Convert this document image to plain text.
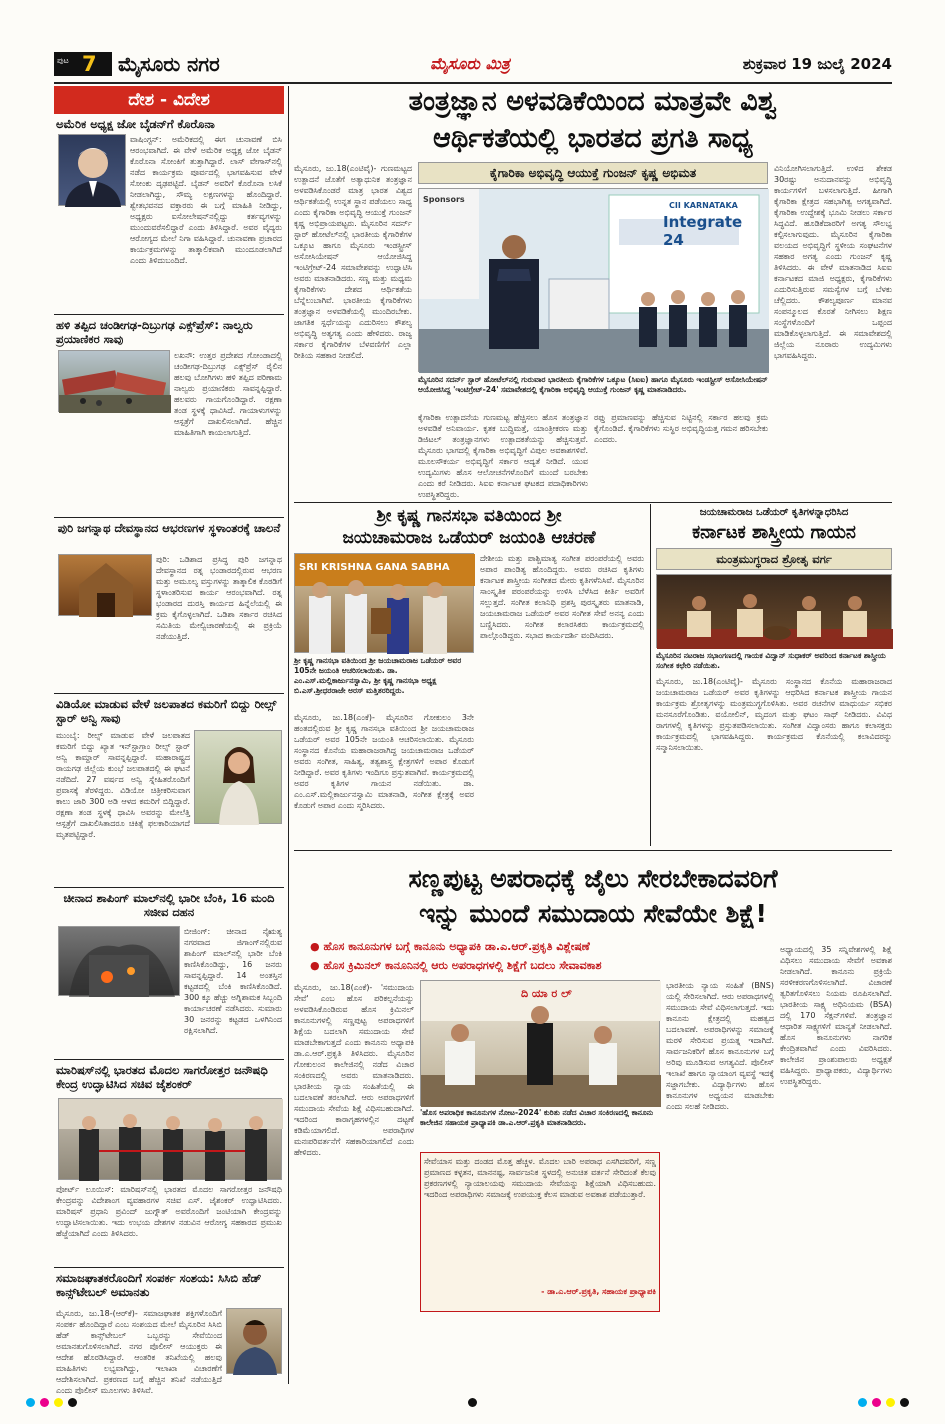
ಪುಟ 7 ಮೈಸೂರು ನಗರ	ಮೈಸೂರು ಮಿತ್ರ	ಶುಕ್ರವಾರ 19 ಜುಲೈ 2024
ದೇಶ - ವಿದೇಶ
ಅಮೆರಿಕ ಅಧ್ಯಕ್ಷ ಜೋ ಬೈಡನ್‌ಗೆ ಕೊರೊನಾ
ವಾಷಿಂಗ್ಟನ್: ಅಮೆರಿಕದಲ್ಲಿ ಈಗ ಚುನಾವಣೆ ಬಿಸಿ ಆರಂಭವಾಗಿದೆ. ಈ ವೇಳೆ ಅಮೆರಿಕ ಅಧ್ಯಕ್ಷ ಜೋ ಬೈಡನ್ ಕೊರೊನಾ ಸೋಂಕಿಗೆ ತುತ್ತಾಗಿದ್ದಾರೆ. ಲಾಸ್ ವೇಗಾಸ್‌ನಲ್ಲಿ ನಡೆದ ಕಾರ್ಯಕ್ರಮ ಪೂರ್ವದಲ್ಲಿ ಭಾಗವಹಿಸುವ ವೇಳೆ ಸೋಂಕು ದೃಢಪಟ್ಟಿದೆ. ಬೈಡನ್ ಅವರಿಗೆ ಕೊರೊನಾ ಲಸಿಕೆ ನೀಡಲಾಗಿದ್ದು, ಸೌಮ್ಯ ಲಕ್ಷಣಗಳನ್ನು ಹೊಂದಿದ್ದಾರೆ. ಶ್ವೇತಭವನದ ವಕ್ತಾರರು ಈ ಬಗ್ಗೆ ಮಾಹಿತಿ ನೀಡಿದ್ದು, ಅಧ್ಯಕ್ಷರು ಐಸೋಲೇಷನ್‌ನಲ್ಲಿದ್ದು ಕರ್ತವ್ಯಗಳನ್ನು ಮುಂದುವರೆಸಲಿದ್ದಾರೆ ಎಂದು ತಿಳಿಸಿದ್ದಾರೆ. ಅವರ ವೈದ್ಯರು ಆರೋಗ್ಯದ ಮೇಲೆ ನಿಗಾ ವಹಿಸಿದ್ದಾರೆ. ಚುನಾವಣಾ ಪ್ರಚಾರದ ಕಾರ್ಯಕ್ರಮಗಳನ್ನು ತಾತ್ಕಾಲಿಕವಾಗಿ ಮುಂದೂಡಲಾಗಿದೆ ಎಂದು ತಿಳಿದುಬಂದಿದೆ.
ಹಳಿ ತಪ್ಪಿದ ಚಂಡೀಗಢ-ದಿಬ್ರುಗಢ ಎಕ್ಸ್‌ಪ್ರೆಸ್: ನಾಲ್ವರು ಪ್ರಯಾಣಿಕರ ಸಾವು
ಲಖನೌ: ಉತ್ತರ ಪ್ರದೇಶದ ಗೋಂಡಾದಲ್ಲಿ ಚಂಡೀಗಢ-ದಿಬ್ರುಗಢ ಎಕ್ಸ್‌ಪ್ರೆಸ್ ರೈಲಿನ ಹಲವು ಬೋಗಿಗಳು ಹಳಿ ತಪ್ಪಿದ ಪರಿಣಾಮ ನಾಲ್ವರು ಪ್ರಯಾಣಿಕರು ಸಾವನ್ನಪ್ಪಿದ್ದಾರೆ. ಹಲವರು ಗಾಯಗೊಂಡಿದ್ದಾರೆ. ರಕ್ಷಣಾ ತಂಡ ಸ್ಥಳಕ್ಕೆ ಧಾವಿಸಿದೆ. ಗಾಯಾಳುಗಳನ್ನು ಆಸ್ಪತ್ರೆಗೆ ದಾಖಲಿಸಲಾಗಿದೆ. ಹೆಚ್ಚಿನ ಮಾಹಿತಿಗಾಗಿ ಕಾಯಲಾಗುತ್ತಿದೆ.
ಪುರಿ ಜಗನ್ನಾಥ ದೇವಸ್ಥಾನದ ಆಭರಣಗಳ ಸ್ಥಳಾಂತರಕ್ಕೆ ಚಾಲನೆ
ಪುರಿ: ಒಡಿಶಾದ ಪ್ರಸಿದ್ಧ ಪುರಿ ಜಗನ್ನಾಥ ದೇವಸ್ಥಾನದ ರತ್ನ ಭಂಡಾರದಲ್ಲಿರುವ ಆಭರಣ ಮತ್ತು ಅಮೂಲ್ಯ ವಸ್ತುಗಳನ್ನು ತಾತ್ಕಾಲಿಕ ಕೊಠಡಿಗೆ ಸ್ಥಳಾಂತರಿಸುವ ಕಾರ್ಯ ಆರಂಭವಾಗಿದೆ. ರತ್ನ ಭಂಡಾರದ ದುರಸ್ತಿ ಕಾರ್ಯದ ಹಿನ್ನೆಲೆಯಲ್ಲಿ ಈ ಕ್ರಮ ಕೈಗೊಳ್ಳಲಾಗಿದೆ. ಒಡಿಶಾ ಸರ್ಕಾರ ರಚಿಸಿದ ಸಮಿತಿಯ ಮೇಲ್ವಿಚಾರಣೆಯಲ್ಲಿ ಈ ಪ್ರಕ್ರಿಯೆ ನಡೆಯುತ್ತಿದೆ.
ವಿಡಿಯೋ ಮಾಡುವ ವೇಳೆ ಜಲಪಾತದ ಕಮರಿಗೆ ಬಿದ್ದು ರೀಲ್ಸ್ ಸ್ಟಾರ್ ಅನ್ವಿ ಸಾವು
ಮುಂಬೈ: ರೀಲ್ಸ್ ಮಾಡುವ ವೇಳೆ ಜಲಪಾತದ ಕಮರಿಗೆ ಬಿದ್ದು ಖ್ಯಾತ ಇನ್‌ಸ್ಟಾಗ್ರಾಂ ರೀಲ್ಸ್ ಸ್ಟಾರ್ ಅನ್ವಿ ಕಾಮ್ದಾರ್ ಸಾವನ್ನಪ್ಪಿದ್ದಾರೆ. ಮಹಾರಾಷ್ಟ್ರದ ರಾಯಗಢ ಜಿಲ್ಲೆಯ ಕುಂಭೆ ಜಲಪಾತದಲ್ಲಿ ಈ ಘಟನೆ ನಡೆದಿದೆ. 27 ವರ್ಷದ ಅನ್ವಿ ಸ್ನೇಹಿತರೊಂದಿಗೆ ಪ್ರವಾಸಕ್ಕೆ ತೆರಳಿದ್ದರು. ವಿಡಿಯೋ ಚಿತ್ರೀಕರಿಸುವಾಗ ಕಾಲು ಜಾರಿ 300 ಅಡಿ ಆಳದ ಕಮರಿಗೆ ಬಿದ್ದಿದ್ದಾರೆ. ರಕ್ಷಣಾ ತಂಡ ಸ್ಥಳಕ್ಕೆ ಧಾವಿಸಿ ಅವರನ್ನು ಮೇಲೆತ್ತಿ ಆಸ್ಪತ್ರೆಗೆ ದಾಖಲಿಸಿತಾದರೂ ಚಿಕಿತ್ಸೆ ಫಲಕಾರಿಯಾಗದೆ ಮೃತಪಟ್ಟಿದ್ದಾರೆ.
ಚೀನಾದ ಶಾಪಿಂಗ್ ಮಾಲ್‌ನಲ್ಲಿ ಭಾರೀ ಬೆಂಕಿ, 16 ಮಂದಿ ಸಜೀವ ದಹನ
ಬೀಜಿಂಗ್: ಚೀನಾದ ನೈಋತ್ಯ ನಗರವಾದ ಜಿಗಾಂಗ್‌ನಲ್ಲಿರುವ ಶಾಪಿಂಗ್ ಮಾಲ್‌ನಲ್ಲಿ ಭಾರೀ ಬೆಂಕಿ ಕಾಣಿಸಿಕೊಂಡಿದ್ದು, 16 ಜನರು ಸಾವನ್ನಪ್ಪಿದ್ದಾರೆ. 14 ಅಂತಸ್ತಿನ ಕಟ್ಟಡದಲ್ಲಿ ಬೆಂಕಿ ಕಾಣಿಸಿಕೊಂಡಿದೆ. 300 ಕ್ಕೂ ಹೆಚ್ಚು ಅಗ್ನಿಶಾಮಕ ಸಿಬ್ಬಂದಿ ಕಾರ್ಯಾಚರಣೆ ನಡೆಸಿದರು. ಸುಮಾರು 30 ಜನರನ್ನು ಕಟ್ಟಡದ ಒಳಗಿನಿಂದ ರಕ್ಷಿಸಲಾಗಿದೆ.
ಮಾರಿಷಸ್‌ನಲ್ಲಿ ಭಾರತದ ಮೊದಲ ಸಾಗರೋತ್ತರ ಜನೌಷಧಿ ಕೇಂದ್ರ ಉದ್ಘಾಟಿಸಿದ ಸಚಿವ ಜೈಶಂಕರ್
ಪೋರ್ಟ್ ಲೂಯಿಸ್: ಮಾರಿಷಸ್‌ನಲ್ಲಿ ಭಾರತದ ಮೊದಲ ಸಾಗರೋತ್ತರ ಜನೌಷಧಿ ಕೇಂದ್ರವನ್ನು ವಿದೇಶಾಂಗ ವ್ಯವಹಾರಗಳ ಸಚಿವ ಎಸ್. ಜೈಶಂಕರ್ ಉದ್ಘಾಟಿಸಿದರು. ಮಾರಿಷಸ್ ಪ್ರಧಾನಿ ಪ್ರವಿಂದ್ ಜುಗ್ನೌತ್ ಅವರೊಂದಿಗೆ ಜಂಟಿಯಾಗಿ ಕೇಂದ್ರವನ್ನು ಉದ್ಘಾಟಿಸಲಾಯಿತು. ಇದು ಉಭಯ ದೇಶಗಳ ನಡುವಿನ ಆರೋಗ್ಯ ಸಹಕಾರದ ಪ್ರಮುಖ ಹೆಜ್ಜೆಯಾಗಿದೆ ಎಂದು ತಿಳಿಸಿದರು.
ಸಮಾಜಘಾತಕರೊಂದಿಗೆ ಸಂಪರ್ಕ ಸಂಶಯ: ಸಿಸಿಬಿ ಹೆಡ್ ಕಾನ್ಸ್‌ಟೇಬಲ್ ಅಮಾನತು
ಮೈಸೂರು, ಜು.18-(ಆರ್‌ಕೆ)- ಸಮಾಜಘಾತಕ ಶಕ್ತಿಗಳೊಂದಿಗೆ ಸಂಪರ್ಕ ಹೊಂದಿದ್ದಾರೆ ಎಂಬ ಸಂಶಯದ ಮೇಲೆ ಮೈಸೂರಿನ ಸಿಸಿಬಿ ಹೆಡ್ ಕಾನ್ಸ್‌ಟೇಬಲ್ ಒಬ್ಬರನ್ನು ಸೇವೆಯಿಂದ ಅಮಾನತುಗೊಳಿಸಲಾಗಿದೆ. ನಗರ ಪೊಲೀಸ್ ಆಯುಕ್ತರು ಈ ಆದೇಶ ಹೊರಡಿಸಿದ್ದಾರೆ. ಆಂತರಿಕ ತನಿಖೆಯಲ್ಲಿ ಹಲವು ಮಾಹಿತಿಗಳು ಲಭ್ಯವಾಗಿದ್ದು, ಇಲಾಖಾ ವಿಚಾರಣೆಗೆ ಆದೇಶಿಸಲಾಗಿದೆ. ಪ್ರಕರಣದ ಬಗ್ಗೆ ಹೆಚ್ಚಿನ ತನಿಖೆ ನಡೆಯುತ್ತಿದೆ ಎಂದು ಪೊಲೀಸ್ ಮೂಲಗಳು ತಿಳಿಸಿವೆ.
ತಂತ್ರಜ್ಞಾನ ಅಳವಡಿಕೆಯಿಂದ ಮಾತ್ರವೇ ವಿಶ್ವ
ಆರ್ಥಿಕತೆಯಲ್ಲಿ ಭಾರತದ ಪ್ರಗತಿ ಸಾಧ್ಯ
ಮೈಸೂರು, ಜು.18(ಎಂಟಿವೈ)- ಗುಣಮಟ್ಟದ ಉತ್ಪಾದನೆ ಜೊತೆಗೆ ಅತ್ಯಾಧುನಿಕ ತಂತ್ರಜ್ಞಾನ ಅಳವಡಿಸಿಕೊಂಡರೆ ಮಾತ್ರ ಭಾರತ ವಿಶ್ವದ ಆರ್ಥಿಕತೆಯಲ್ಲಿ ಉನ್ನತ ಸ್ಥಾನ ಪಡೆಯಲು ಸಾಧ್ಯ ಎಂದು ಕೈಗಾರಿಕಾ ಅಭಿವೃದ್ಧಿ ಆಯುಕ್ತೆ ಗುಂಜನ್ ಕೃಷ್ಣ ಅಭಿಪ್ರಾಯಪಟ್ಟರು. ಮೈಸೂರಿನ ಸದರ್ನ್ ಸ್ಟಾರ್ ಹೋಟೆಲ್‌ನಲ್ಲಿ ಭಾರತೀಯ ಕೈಗಾರಿಕೆಗಳ ಒಕ್ಕೂಟ ಹಾಗೂ ಮೈಸೂರು ಇಂಡಸ್ಟ್ರೀಸ್ ಅಸೋಸಿಯೇಷನ್ ಆಯೋಜಿಸಿದ್ದ ಇಂಟಿಗ್ರೇಟ್-24 ಸಮಾವೇಶವನ್ನು ಉದ್ಘಾಟಿಸಿ ಅವರು ಮಾತನಾಡಿದರು. ಸಣ್ಣ ಮತ್ತು ಮಧ್ಯಮ ಕೈಗಾರಿಕೆಗಳು ದೇಶದ ಆರ್ಥಿಕತೆಯ ಬೆನ್ನೆಲುಬಾಗಿವೆ. ಭಾರತೀಯ ಕೈಗಾರಿಕೆಗಳು ತಂತ್ರಜ್ಞಾನ ಅಳವಡಿಕೆಯಲ್ಲಿ ಮುಂದಿರಬೇಕು. ಜಾಗತಿಕ ಸ್ಪರ್ಧೆಯನ್ನು ಎದುರಿಸಲು ಕೌಶಲ್ಯ ಅಭಿವೃದ್ಧಿ ಅತ್ಯಗತ್ಯ ಎಂದು ಹೇಳಿದರು. ರಾಜ್ಯ ಸರ್ಕಾರ ಕೈಗಾರಿಕೆಗಳ ಬೆಳವಣಿಗೆಗೆ ಎಲ್ಲಾ ರೀತಿಯ ಸಹಕಾರ ನೀಡಲಿದೆ.
ಕೈಗಾರಿಕಾ ಅಭಿವೃದ್ಧಿ ಆಯುಕ್ತೆ ಗುಂಜನ್ ಕೃಷ್ಣ ಅಭಿಮತ
Sponsors
CII KARNATAKA
Integrate 24
ಮೈಸೂರಿನ ಸದರ್ನ್ ಸ್ಟಾರ್ ಹೋಟೆಲ್‌ನಲ್ಲಿ ಗುರುವಾರ ಭಾರತೀಯ ಕೈಗಾರಿಕೆಗಳ ಒಕ್ಕೂಟ (ಸಿಐಐ) ಹಾಗೂ ಮೈಸೂರು ಇಂಡಸ್ಟ್ರೀಸ್ ಅಸೋಸಿಯೇಷನ್ ಆಯೋಜಿಸಿದ್ದ 'ಇಂಟಿಗ್ರೇಟ್-24' ಸಮಾವೇಶದಲ್ಲಿ ಕೈಗಾರಿಕಾ ಅಭಿವೃದ್ಧಿ ಆಯುಕ್ತೆ ಗುಂಜನ್ ಕೃಷ್ಣ ಮಾತನಾಡಿದರು.
ಕೈಗಾರಿಕಾ ಉತ್ಪಾದನೆಯ ಗುಣಮಟ್ಟ ಹೆಚ್ಚಿಸಲು ಹೊಸ ತಂತ್ರಜ್ಞಾನ ಅಳವಡಿಕೆ ಅನಿವಾರ್ಯ. ಕೃತಕ ಬುದ್ಧಿಮತ್ತೆ, ಯಾಂತ್ರೀಕರಣ ಮತ್ತು ಡಿಜಿಟಲ್ ತಂತ್ರಜ್ಞಾನಗಳು ಉತ್ಪಾದಕತೆಯನ್ನು ಹೆಚ್ಚಿಸುತ್ತವೆ. ಮೈಸೂರು ಭಾಗದಲ್ಲಿ ಕೈಗಾರಿಕಾ ಅಭಿವೃದ್ಧಿಗೆ ವಿಪುಲ ಅವಕಾಶಗಳಿವೆ. ಮೂಲಸೌಕರ್ಯ ಅಭಿವೃದ್ಧಿಗೆ ಸರ್ಕಾರ ಆದ್ಯತೆ ನೀಡಿದೆ. ಯುವ ಉದ್ಯಮಿಗಳು ಹೊಸ ಆಲೋಚನೆಗಳೊಂದಿಗೆ ಮುಂದೆ ಬರಬೇಕು ಎಂದು ಕರೆ ನೀಡಿದರು. ಸಿಐಐ ಕರ್ನಾಟಕ ಘಟಕದ ಪದಾಧಿಕಾರಿಗಳು ಉಪಸ್ಥಿತರಿದ್ದರು.
ರಫ್ತು ಪ್ರಮಾಣವನ್ನು ಹೆಚ್ಚಿಸುವ ನಿಟ್ಟಿನಲ್ಲಿ ಸರ್ಕಾರ ಹಲವು ಕ್ರಮ ಕೈಗೊಂಡಿದೆ. ಕೈಗಾರಿಕೆಗಳು ಸುಸ್ಥಿರ ಅಭಿವೃದ್ಧಿಯತ್ತ ಗಮನ ಹರಿಸಬೇಕು ಎಂದರು.
ವಿನಿಯೋಗಿಸಲಾಗುತ್ತಿದೆ. ಉಳಿದ ಶೇಕಡ 30ರಷ್ಟು ಅನುದಾನವನ್ನು ಅಭಿವೃದ್ಧಿ ಕಾರ್ಯಗಳಿಗೆ ಬಳಸಲಾಗುತ್ತಿದೆ. ಹೀಗಾಗಿ ಕೈಗಾರಿಕಾ ಕ್ಷೇತ್ರದ ಸಹಭಾಗಿತ್ವ ಅಗತ್ಯವಾಗಿದೆ. ಕೈಗಾರಿಕಾ ಉದ್ದೇಶಕ್ಕೆ ಭೂಮಿ ನೀಡಲು ಸರ್ಕಾರ ಸಿದ್ಧವಿದೆ. ಹೂಡಿಕೆದಾರರಿಗೆ ಅಗತ್ಯ ಸೌಲಭ್ಯ ಕಲ್ಪಿಸಲಾಗುವುದು. ಮೈಸೂರಿನ ಕೈಗಾರಿಕಾ ವಲಯದ ಅಭಿವೃದ್ಧಿಗೆ ಸ್ಥಳೀಯ ಸಂಘಟನೆಗಳ ಸಹಕಾರ ಅಗತ್ಯ ಎಂದು ಗುಂಜನ್ ಕೃಷ್ಣ ತಿಳಿಸಿದರು. ಈ ವೇಳೆ ಮಾತನಾಡಿದ ಸಿಐಐ ಕರ್ನಾಟಕದ ಮಾಜಿ ಅಧ್ಯಕ್ಷರು, ಕೈಗಾರಿಕೆಗಳು ಎದುರಿಸುತ್ತಿರುವ ಸಮಸ್ಯೆಗಳ ಬಗ್ಗೆ ಬೆಳಕು ಚೆಲ್ಲಿದರು. ಕೌಶಲ್ಯಪೂರ್ಣ ಮಾನವ ಸಂಪನ್ಮೂಲದ ಕೊರತೆ ನೀಗಿಸಲು ಶಿಕ್ಷಣ ಸಂಸ್ಥೆಗಳೊಂದಿಗೆ ಒಪ್ಪಂದ ಮಾಡಿಕೊಳ್ಳಲಾಗುತ್ತಿದೆ. ಈ ಸಮಾವೇಶದಲ್ಲಿ ಜಿಲ್ಲೆಯ ನೂರಾರು ಉದ್ಯಮಿಗಳು ಭಾಗವಹಿಸಿದ್ದರು.
ಶ್ರೀ ಕೃಷ್ಣ ಗಾನಸಭಾ ವತಿಯಿಂದ ಶ್ರೀ
ಜಯಚಾಮರಾಜ ಒಡೆಯರ್ ಜಯಂತಿ ಆಚರಣೆ
SRI KRISHNA GANA SABHA
ಶ್ರೀ ಕೃಷ್ಣ ಗಾನಸಭಾ ವತಿಯಿಂದ ಶ್ರೀ ಜಯಚಾಮರಾಜ ಒಡೆಯರ್ ಅವರ 105ನೇ ಜಯಂತಿ ಆಚರಿಸಲಾಯಿತು. ಡಾ. ಎಂ.ಎಸ್.ಮಲ್ಲಿಕಾರ್ಜುನಸ್ವಾಮಿ, ಶ್ರೀ ಕೃಷ್ಣ ಗಾನಸಭಾ ಅಧ್ಯಕ್ಷ ಬಿ.ಎಸ್.ಶ್ರೀಧರರಾಜೇ ಅರಸ್ ಮತ್ತಿತರರಿದ್ದರು.
ಮೈಸೂರು, ಜು.18(ಎಂಕೆ)- ಮೈಸೂರಿನ ಗೋಕುಲಂ 3ನೇ ಹಂತದಲ್ಲಿರುವ ಶ್ರೀ ಕೃಷ್ಣ ಗಾನಸಭಾ ವತಿಯಿಂದ ಶ್ರೀ ಜಯಚಾಮರಾಜ ಒಡೆಯರ್ ಅವರ 105ನೇ ಜಯಂತಿ ಆಚರಿಸಲಾಯಿತು. ಮೈಸೂರು ಸಂಸ್ಥಾನದ ಕೊನೆಯ ಮಹಾರಾಜರಾಗಿದ್ದ ಜಯಚಾಮರಾಜ ಒಡೆಯರ್ ಅವರು ಸಂಗೀತ, ಸಾಹಿತ್ಯ, ತತ್ವಶಾಸ್ತ್ರ ಕ್ಷೇತ್ರಗಳಿಗೆ ಅಪಾರ ಕೊಡುಗೆ ನೀಡಿದ್ದಾರೆ. ಅವರ ಕೃತಿಗಳು ಇಂದಿಗೂ ಪ್ರಸ್ತುತವಾಗಿವೆ. ಕಾರ್ಯಕ್ರಮದಲ್ಲಿ ಅವರ ಕೃತಿಗಳ ಗಾಯನ ನಡೆಯಿತು. ಡಾ. ಎಂ.ಎಸ್.ಮಲ್ಲಿಕಾರ್ಜುನಸ್ವಾಮಿ ಮಾತನಾಡಿ, ಸಂಗೀತ ಕ್ಷೇತ್ರಕ್ಕೆ ಅವರ ಕೊಡುಗೆ ಅಪಾರ ಎಂದು ಸ್ಮರಿಸಿದರು.
ದೇಶೀಯ ಮತ್ತು ಪಾಶ್ಚಿಮಾತ್ಯ ಸಂಗೀತ ಪರಂಪರೆಯಲ್ಲಿ ಅವರು ಅಪಾರ ಪಾಂಡಿತ್ಯ ಹೊಂದಿದ್ದರು. ಅವರು ರಚಿಸಿದ ಕೃತಿಗಳು ಕರ್ನಾಟಕ ಶಾಸ್ತ್ರೀಯ ಸಂಗೀತದ ಮೇರು ಕೃತಿಗಳೆನಿಸಿವೆ. ಮೈಸೂರಿನ ಸಾಂಸ್ಕೃತಿಕ ಪರಂಪರೆಯನ್ನು ಉಳಿಸಿ ಬೆಳೆಸಿದ ಕೀರ್ತಿ ಅವರಿಗೆ ಸಲ್ಲುತ್ತದೆ. ಸಂಗೀತ ಕಲಾನಿಧಿ ಪ್ರಶಸ್ತಿ ಪುರಸ್ಕೃತರು ಮಾತನಾಡಿ, ಜಯಚಾಮರಾಜ ಒಡೆಯರ್ ಅವರ ಸಂಗೀತ ಸೇವೆ ಅನನ್ಯ ಎಂದು ಬಣ್ಣಿಸಿದರು. ಸಂಗೀತ ಕಲಾರಸಿಕರು ಕಾರ್ಯಕ್ರಮದಲ್ಲಿ ಪಾಲ್ಗೊಂಡಿದ್ದರು. ಸಭಾದ ಕಾರ್ಯದರ್ಶಿ ವಂದಿಸಿದರು.
ಜಯಚಾಮರಾಜ ಒಡೆಯರ್ ಕೃತಿಗಳನ್ನಾಧರಿಸಿದ
ಕರ್ನಾಟಕ ಶಾಸ್ತ್ರೀಯ ಗಾಯನ
ಮಂತ್ರಮುಗ್ಧರಾದ ಶ್ರೋತೃ ವರ್ಗ
ಮೈಸೂರಿನ ನಟರಾಜ ಸಭಾಂಗಣದಲ್ಲಿ ಗಾಯಕ ವಿದ್ವಾನ್ ಸುಧಾಕರ್ ಅವರಿಂದ ಕರ್ನಾಟಕ ಶಾಸ್ತ್ರೀಯ ಸಂಗೀತ ಕಛೇರಿ ನಡೆಯಿತು.
ಮೈಸೂರು, ಜು.18(ಎಂಟಿವೈ)- ಮೈಸೂರು ಸಂಸ್ಥಾನದ ಕೊನೆಯ ಮಹಾರಾಜರಾದ ಜಯಚಾಮರಾಜ ಒಡೆಯರ್ ಅವರ ಕೃತಿಗಳನ್ನು ಆಧರಿಸಿದ ಕರ್ನಾಟಕ ಶಾಸ್ತ್ರೀಯ ಗಾಯನ ಕಾರ್ಯಕ್ರಮ ಶ್ರೋತೃಗಳನ್ನು ಮಂತ್ರಮುಗ್ಧಗೊಳಿಸಿತು. ಅವರ ರಚನೆಗಳ ಮಾಧುರ್ಯ ಸಭಿಕರ ಮನಸೂರೆಗೊಂಡಿತು. ವಯೋಲಿನ್, ಮೃದಂಗ ಮತ್ತು ಘಟಂ ಸಾಥ್ ನೀಡಿದರು. ವಿವಿಧ ರಾಗಗಳಲ್ಲಿ ಕೃತಿಗಳನ್ನು ಪ್ರಸ್ತುತಪಡಿಸಲಾಯಿತು. ಸಂಗೀತ ವಿದ್ವಾಂಸರು ಹಾಗೂ ಕಲಾಸಕ್ತರು ಕಾರ್ಯಕ್ರಮದಲ್ಲಿ ಭಾಗವಹಿಸಿದ್ದರು. ಕಾರ್ಯಕ್ರಮದ ಕೊನೆಯಲ್ಲಿ ಕಲಾವಿದರನ್ನು ಸನ್ಮಾನಿಸಲಾಯಿತು.
ಸಣ್ಣಪುಟ್ಟ ಅಪರಾಧಕ್ಕೆ ಜೈಲು ಸೇರಬೇಕಾದವರಿಗೆ
ಇನ್ನು ಮುಂದೆ ಸಮುದಾಯ ಸೇವೆಯೇ ಶಿಕ್ಷೆ!
● ಹೊಸ ಕಾನೂನುಗಳ ಬಗ್ಗೆ ಕಾನೂನು ಅಧ್ಯಾಪಕಿ ಡಾ.ಎ.ಆರ್.ಪ್ರಕೃತಿ ವಿಶ್ಲೇಷಣೆ
● ಹೊಸ ಕ್ರಿಮಿನಲ್ ಕಾನೂನಿನಲ್ಲಿ ಆರು ಅಪರಾಧಗಳಲ್ಲಿ ಶಿಕ್ಷೆಗೆ ಬದಲು ಸೇವಾವಕಾಶ
ಮೈಸೂರು, ಜು.18(ಎಂಕೆ)- 'ಸಮುದಾಯ ಸೇವೆ' ಎಂಬ ಹೊಸ ಪರಿಕಲ್ಪನೆಯನ್ನು ಅಳವಡಿಸಿಕೊಂಡಿರುವ ಹೊಸ ಕ್ರಿಮಿನಲ್ ಕಾನೂನುಗಳಲ್ಲಿ ಸಣ್ಣಪುಟ್ಟ ಅಪರಾಧಗಳಿಗೆ ಶಿಕ್ಷೆಯ ಬದಲಾಗಿ ಸಮುದಾಯ ಸೇವೆ ಮಾಡಬೇಕಾಗುತ್ತದೆ ಎಂದು ಕಾನೂನು ಅಧ್ಯಾಪಕಿ ಡಾ.ಎ.ಆರ್.ಪ್ರಕೃತಿ ತಿಳಿಸಿದರು. ಮೈಸೂರಿನ ಗೋಕುಲಂನ ಕಾಲೇಜಿನಲ್ಲಿ ನಡೆದ ವಿಚಾರ ಸಂಕಿರಣದಲ್ಲಿ ಅವರು ಮಾತನಾಡಿದರು. ಭಾರತೀಯ ನ್ಯಾಯ ಸಂಹಿತೆಯಲ್ಲಿ ಈ ಬದಲಾವಣೆ ತರಲಾಗಿದೆ. ಆರು ಅಪರಾಧಗಳಿಗೆ ಸಮುದಾಯ ಸೇವೆಯ ಶಿಕ್ಷೆ ವಿಧಿಸಬಹುದಾಗಿದೆ. ಇದರಿಂದ ಕಾರಾಗೃಹಗಳಲ್ಲಿನ ದಟ್ಟಣೆ ಕಡಿಮೆಯಾಗಲಿದೆ. ಅಪರಾಧಿಗಳ ಮನಃಪರಿವರ್ತನೆಗೆ ಸಹಕಾರಿಯಾಗಲಿದೆ ಎಂದು ಹೇಳಿದರು.
ದಿ ಯಾ ರ ಲ್
'ಹೊಸ ಅಪರಾಧಿಕ ಕಾನೂನುಗಳ ನೋಟ-2024' ಕುರಿತು ನಡೆದ ವಿಚಾರ ಸಂಕಿರಣದಲ್ಲಿ ಕಾನೂನು ಕಾಲೇಜಿನ ಸಹಾಯಕ ಪ್ರಾಧ್ಯಾಪಕಿ ಡಾ.ಎ.ಆರ್.ಪ್ರಕೃತಿ ಮಾತನಾಡಿದರು.
ಸೇವೆಯಾಸ ಮತ್ತು ದಂಡದ ಮೊತ್ತ ಹೆಚ್ಚಳ. ಮೊದಲ ಬಾರಿ ಅಪರಾಧ ಎಸಗಿದವರಿಗೆ, ಸಣ್ಣ ಪ್ರಮಾಣದ ಕಳ್ಳತನ, ಮಾನನಷ್ಟ, ಸಾರ್ವಜನಿಕ ಸ್ಥಳದಲ್ಲಿ ಅನುಚಿತ ವರ್ತನೆ ಸೇರಿದಂತೆ ಕೆಲವು ಪ್ರಕರಣಗಳಲ್ಲಿ ನ್ಯಾಯಾಲಯವು ಸಮುದಾಯ ಸೇವೆಯನ್ನು ಶಿಕ್ಷೆಯಾಗಿ ವಿಧಿಸಬಹುದು. ಇದರಿಂದ ಅಪರಾಧಿಗಳು ಸಮಾಜಕ್ಕೆ ಉಪಯುಕ್ತ ಕೆಲಸ ಮಾಡುವ ಅವಕಾಶ ಪಡೆಯುತ್ತಾರೆ.
- ಡಾ.ಎ.ಆರ್.ಪ್ರಕೃತಿ, ಸಹಾಯಕ ಪ್ರಾಧ್ಯಾಪಕಿ
ಭಾರತೀಯ ನ್ಯಾಯ ಸಂಹಿತೆ (BNS) ಯಲ್ಲಿ ಸೇರಿಸಲಾಗಿದೆ. ಆರು ಅಪರಾಧಗಳಲ್ಲಿ ಸಮುದಾಯ ಸೇವೆ ವಿಧಿಸಲಾಗುತ್ತದೆ. ಇದು ಕಾನೂನು ಕ್ಷೇತ್ರದಲ್ಲಿ ಮಹತ್ವದ ಬದಲಾವಣೆ. ಅಪರಾಧಿಗಳನ್ನು ಸಮಾಜಕ್ಕೆ ಮರಳಿ ಸೇರಿಸುವ ಪ್ರಯತ್ನ ಇದಾಗಿದೆ. ಸಾರ್ವಜನಿಕರಿಗೆ ಹೊಸ ಕಾನೂನುಗಳ ಬಗ್ಗೆ ಅರಿವು ಮೂಡಿಸುವ ಅಗತ್ಯವಿದೆ. ಪೊಲೀಸ್ ಇಲಾಖೆ ಹಾಗೂ ನ್ಯಾಯಾಂಗ ವ್ಯವಸ್ಥೆ ಇದಕ್ಕೆ ಸಜ್ಜಾಗಬೇಕು. ವಿದ್ಯಾರ್ಥಿಗಳು ಹೊಸ ಕಾನೂನುಗಳ ಅಧ್ಯಯನ ಮಾಡಬೇಕು ಎಂದು ಸಲಹೆ ನೀಡಿದರು.
ಅಧ್ಯಾಯದಲ್ಲಿ 35 ಸನ್ನಿವೇಶಗಳಲ್ಲಿ ಶಿಕ್ಷೆ ವಿಧಿಸಲು ಸಮುದಾಯ ಸೇವೆಗೆ ಅವಕಾಶ ನೀಡಲಾಗಿದೆ. ಕಾನೂನು ಪ್ರಕ್ರಿಯೆ ಸರಳೀಕರಣಗೊಳಿಸಲಾಗಿದೆ. ವಿಚಾರಣೆ ತ್ವರಿತಗೊಳಿಸಲು ನಿಯಮ ರೂಪಿಸಲಾಗಿದೆ. ಭಾರತೀಯ ಸಾಕ್ಷ್ಯ ಅಧಿನಿಯಮ (BSA) ದಲ್ಲಿ 170 ಸೆಕ್ಷನ್‌ಗಳಿವೆ. ತಂತ್ರಜ್ಞಾನ ಆಧಾರಿತ ಸಾಕ್ಷ್ಯಗಳಿಗೆ ಮಾನ್ಯತೆ ನೀಡಲಾಗಿದೆ. ಹೊಸ ಕಾನೂನುಗಳು ನಾಗರಿಕ ಕೇಂದ್ರಿತವಾಗಿವೆ ಎಂದು ವಿವರಿಸಿದರು. ಕಾಲೇಜಿನ ಪ್ರಾಂಶುಪಾಲರು ಅಧ್ಯಕ್ಷತೆ ವಹಿಸಿದ್ದರು. ಪ್ರಾಧ್ಯಾಪಕರು, ವಿದ್ಯಾರ್ಥಿಗಳು ಉಪಸ್ಥಿತರಿದ್ದರು.
